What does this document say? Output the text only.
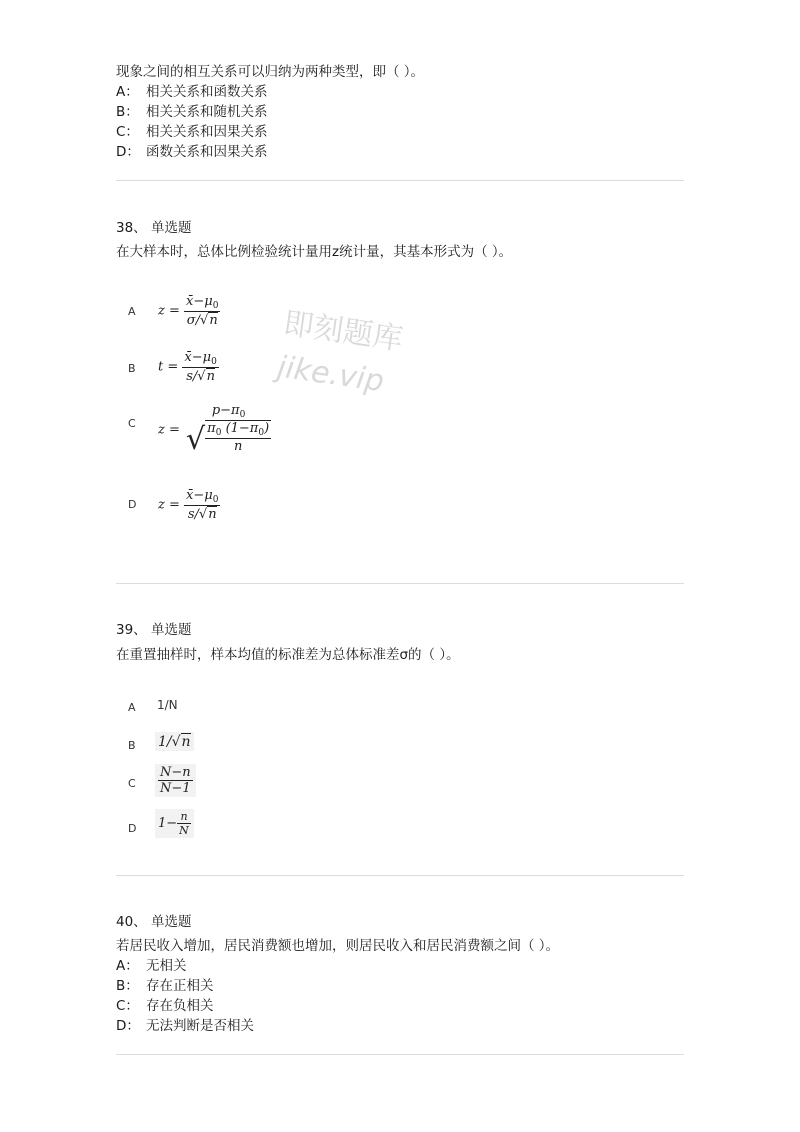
现象之间的相互关系可以归纳为两种类型，即（ ）。
A： 相关关系和函数关系
B： 相关关系和随机关系
C： 相关关系和因果关系
D： 函数关系和因果关系
38、 单选题
在大样本时，总体比例检验统计量用z统计量，其基本形式为（ ）。
A $z = \frac{x̄-\mu_0}{\sigma/√n}$
B $t = \frac{x̄-\mu_0}{s/√n}$
C z =
$p-\pi_0$
√ $\frac{\pi_0 (1-\pi_0)}{n}$
D $z = \frac{x̄-\mu_0}{s/√n}$
即刻题库
jike.vip
39、 单选题
在重置抽样时，样本均值的标准差为总体标准差σ的（ ）。
A 1/N
B 1/√n
C $\frac{N-n}{N-1}$
D $1- \frac{n}{N}$
40、 单选题
若居民收入增加，居民消费额也增加，则居民收入和居民消费额之间（ ）。
A： 无相关
B： 存在正相关
C： 存在负相关
D： 无法判断是否相关
